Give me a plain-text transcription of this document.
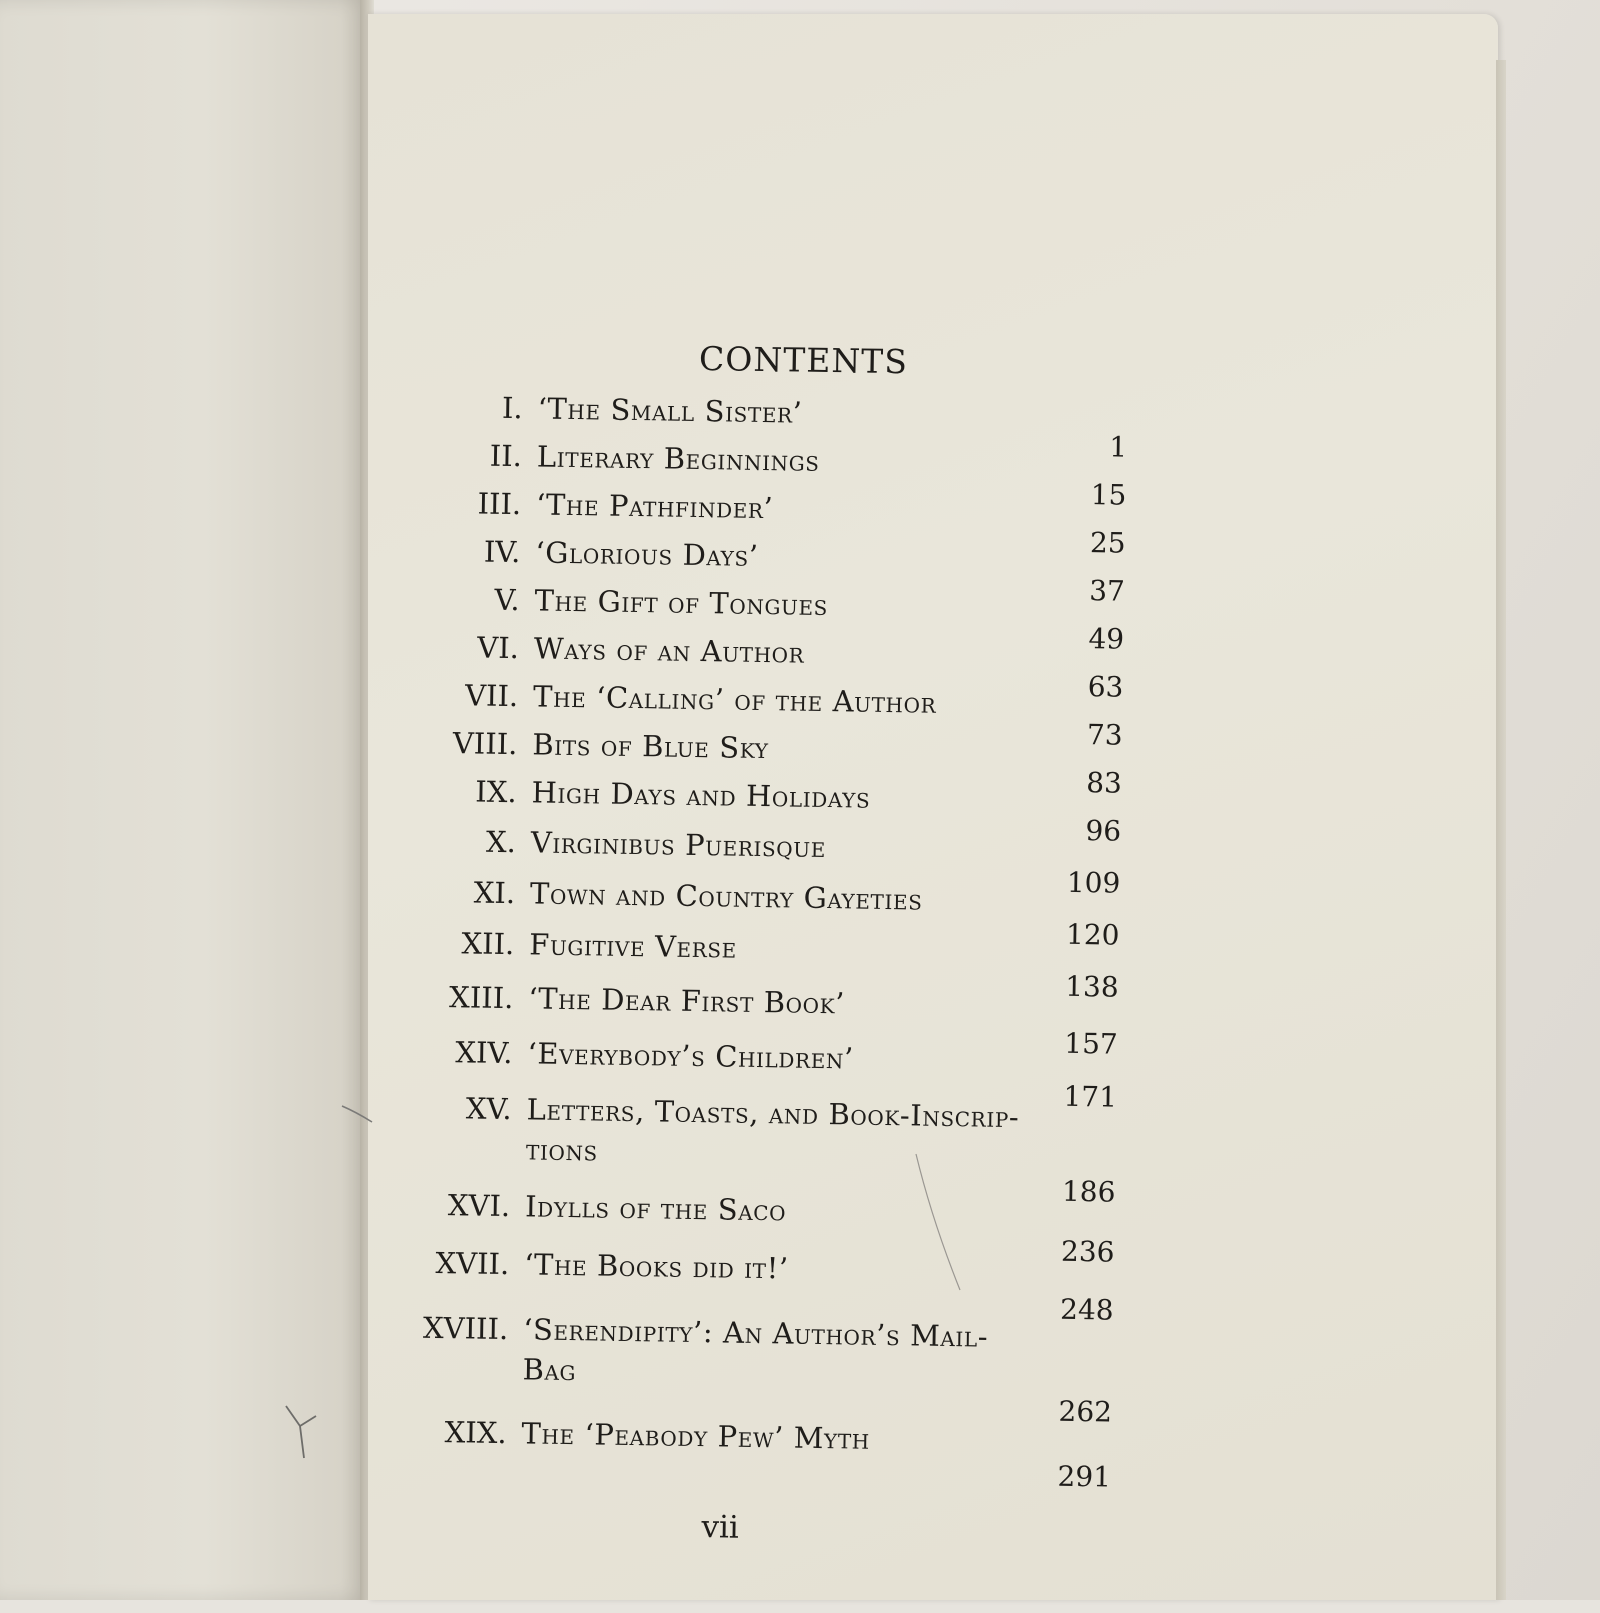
CONTENTS
I. ‘The Small Sister’
1
II. Literary Beginnings
15
III. ‘The Pathfinder’
25
IV. ‘Glorious Days’
37
V. The Gift of Tongues
49
VI. Ways of an Author
63
VII. The ‘Calling’ of the Author
73
VIII. Bits of Blue Sky
83
IX. High Days and Holidays
96
X. Virginibus Puerisque
109
XI. Town and Country Gayeties
120
XII. Fugitive Verse
138
XIII. ‘The Dear First Book’
157
XIV. ‘Everybody’s Children’
171
XV. Letters, Toasts, and Book-Inscrip-
tions
186
XVI. Idylls of the Saco
236
XVII. ‘The Books did it!’
248
XVIII. ‘Serendipity’: An Author’s Mail-
Bag
262
XIX. The ‘Peabody Pew’ Myth
291
vii
